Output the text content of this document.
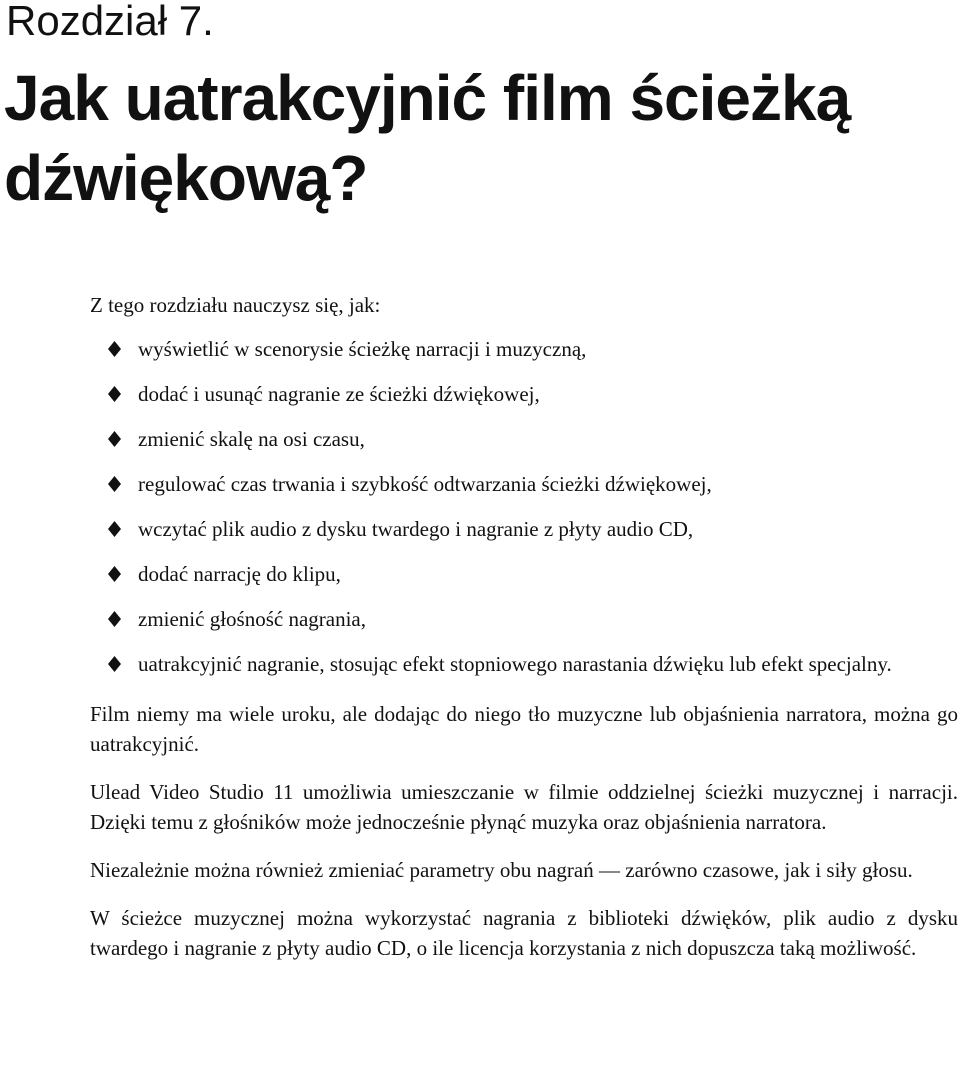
Rozdział 7.
Jak uatrakcyjnić film ścieżką dźwiękową?

Z tego rozdziału nauczysz się, jak:

wyświetlić w scenorysie ścieżkę narracji i muzyczną,
dodać i usunąć nagranie ze ścieżki dźwiękowej,
zmienić skalę na osi czasu,
regulować czas trwania i szybkość odtwarzania ścieżki dźwiękowej,
wczytać plik audio z dysku twardego i nagranie z płyty audio CD,
dodać narrację do klipu,
zmienić głośność nagrania,
uatrakcyjnić nagranie, stosując efekt stopniowego narastania dźwięku lub efekt specjalny.

Film niemy ma wiele uroku, ale dodając do niego tło muzyczne lub objaśnienia narratora, można go uatrakcyjnić.

Ulead Video Studio 11 umożliwia umieszczanie w filmie oddzielnej ścieżki muzycznej i narracji. Dzięki temu z głośników może jednocześnie płynąć muzyka oraz objaśnienia narratora.

Niezależnie można również zmieniać parametry obu nagrań — zarówno czasowe, jak i siły głosu.

W ścieżce muzycznej można wykorzystać nagrania z biblioteki dźwięków, plik audio z dysku twardego i nagranie z płyty audio CD, o ile licencja korzystania z nich dopuszcza taką możliwość.
